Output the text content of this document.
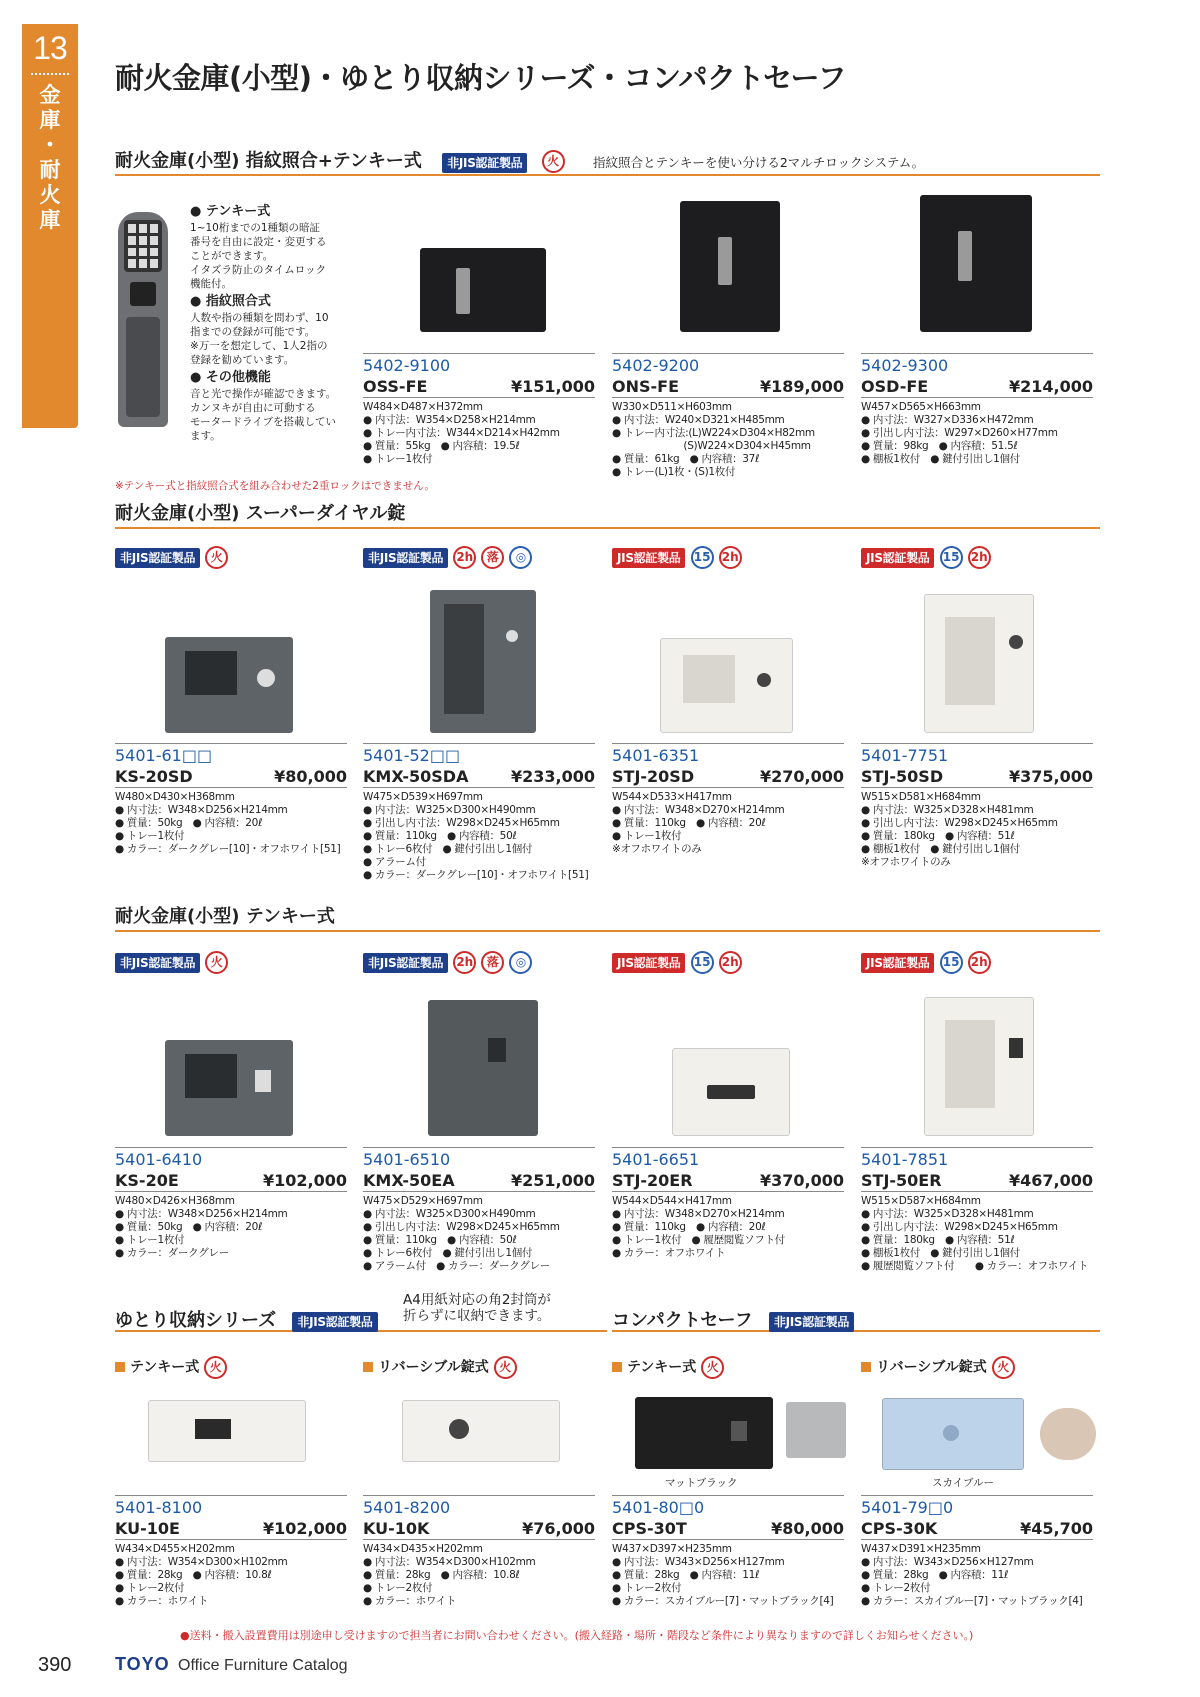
13
金
庫
・
耐
火
庫
耐火金庫(小型)・ゆとり収納シリーズ・コンパクトセーフ
耐火金庫(小型) 指紋照合+テンキー式 非JIS認証製品 火	指紋照合とテンキーを使い分ける2マルチロックシステム。
● テンキー式
1~10桁までの1種類の暗証
番号を自由に設定・変更する
ことができます。
イタズラ防止のタイムロック
機能付。
● 指紋照合式
人数や指の種類を問わず、10
指までの登録が可能です。
※万一を想定して、1人2指の
登録を勧めています。
● その他機能
音と光で操作が確認できます。
カンヌキが自由に可動する
モータードライブを搭載してい
ます。
※テンキー式と指紋照合式を組み合わせた2重ロックはできません。
5402-9100
OSS-FE	¥151,000
W484×D487×H372mm
● 内寸法：W354×D258×H214mm
● トレー内寸法：W344×D214×H42mm
● 質量：55kg　● 内容積：19.5ℓ
● トレー1枚付
5402-9200
ONS-FE	¥189,000
W330×D511×H603mm
● 内寸法：W240×D321×H485mm
● トレー内寸法:(L)W224×D304×H82mm
　　　　　　　(S)W224×D304×H45mm
● 質量：61kg　● 内容積：37ℓ
● トレー(L)1枚・(S)1枚付
5402-9300
OSD-FE	¥214,000
W457×D565×H663mm
● 内寸法：W327×D336×H472mm
● 引出し内寸法：W297×D260×H77mm
● 質量：98kg　● 内容積：51.5ℓ
● 棚板1枚付　● 鍵付引出し1個付
耐火金庫(小型) スーパーダイヤル錠
非JIS認証製品 火	非JIS認証製品 2h 落 ◎	JIS認証製品 15 2h	JIS認証製品 15 2h
5401-61□□
KS-20SD	¥80,000
W480×D430×H368mm
● 内寸法：W348×D256×H214mm
● 質量：50kg　● 内容積：20ℓ
● トレー1枚付
● カラー：ダークグレー[10]・オフホワイト[51]
5401-52□□
KMX-50SDA	¥233,000
W475×D539×H697mm
● 内寸法：W325×D300×H490mm
● 引出し内寸法：W298×D245×H65mm
● 質量：110kg　● 内容積：50ℓ
● トレー6枚付　● 鍵付引出し1個付
● アラーム付
● カラー：ダークグレー[10]・オフホワイト[51]
5401-6351
STJ-20SD	¥270,000
W544×D533×H417mm
● 内寸法：W348×D270×H214mm
● 質量：110kg　● 内容積：20ℓ
● トレー1枚付
※オフホワイトのみ
5401-7751
STJ-50SD	¥375,000
W515×D581×H684mm
● 内寸法：W325×D328×H481mm
● 引出し内寸法：W298×D245×H65mm
● 質量：180kg　● 内容積：51ℓ
● 棚板1枚付　● 鍵付引出し1個付
※オフホワイトのみ
耐火金庫(小型) テンキー式
非JIS認証製品 火	非JIS認証製品 2h 落 ◎	JIS認証製品 15 2h	JIS認証製品 15 2h
5401-6410
KS-20E	¥102,000
W480×D426×H368mm
● 内寸法：W348×D256×H214mm
● 質量：50kg　● 内容積：20ℓ
● トレー1枚付
● カラー：ダークグレー
5401-6510
KMX-50EA	¥251,000
W475×D529×H697mm
● 内寸法：W325×D300×H490mm
● 引出し内寸法：W298×D245×H65mm
● 質量：110kg　● 内容積：50ℓ
● トレー6枚付　● 鍵付引出し1個付
● アラーム付　● カラー：ダークグレー
5401-6651
STJ-20ER	¥370,000
W544×D544×H417mm
● 内寸法：W348×D270×H214mm
● 質量：110kg　● 内容積：20ℓ
● トレー1枚付　● 履歴閲覧ソフト付
● カラー：オフホワイト
5401-7851
STJ-50ER	¥467,000
W515×D587×H684mm
● 内寸法：W325×D328×H481mm
● 引出し内寸法：W298×D245×H65mm
● 質量：180kg　● 内容積：51ℓ
● 棚板1枚付　● 鍵付引出し1個付
● 履歴閲覧ソフト付　　● カラー：オフホワイト
ゆとり収納シリーズ 非JIS認証製品
A4用紙対応の角2封筒が
折らずに収納できます。	コンパクトセーフ 非JIS認証製品
テンキー式 火	リバーシブル錠式 火	テンキー式 火	リバーシブル錠式 火
マットブラック	スカイブルー
5401-8100
KU-10E	¥102,000
W434×D455×H202mm
● 内寸法：W354×D300×H102mm
● 質量：28kg　● 内容積：10.8ℓ
● トレー2枚付
● カラー：ホワイト
5401-8200
KU-10K	¥76,000
W434×D435×H202mm
● 内寸法：W354×D300×H102mm
● 質量：28kg　● 内容積：10.8ℓ
● トレー2枚付
● カラー：ホワイト
5401-80□0
CPS-30T	¥80,000
W437×D397×H235mm
● 内寸法：W343×D256×H127mm
● 質量：28kg　● 内容積：11ℓ
● トレー2枚付
● カラー：スカイブルー[7]・マットブラック[4]
5401-79□0
CPS-30K	¥45,700
W437×D391×H235mm
● 内寸法：W343×D256×H127mm
● 質量：28kg　● 内容積：11ℓ
● トレー2枚付
● カラー：スカイブルー[7]・マットブラック[4]
●送料・搬入設置費用は別途申し受けますので担当者にお問い合わせください。(搬入経路・場所・階段など条件により異なりますので詳しくお知らせください。)
390 TOYO Office Furniture Catalog
